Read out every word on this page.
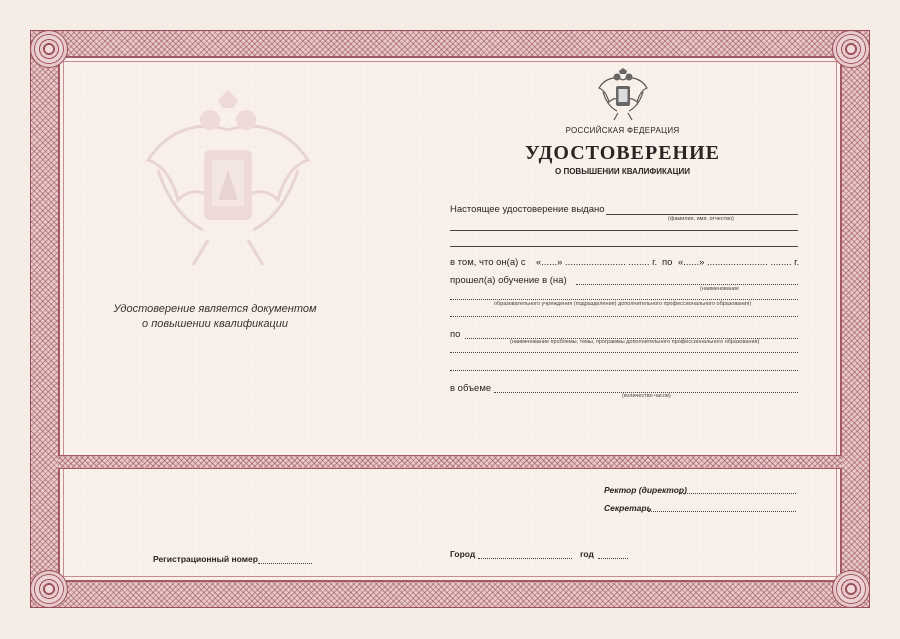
Удостоверение является документом
о повышении квалификации
РОССИЙСКАЯ ФЕДЕРАЦИЯ
УДОСТОВЕРЕНИЕ
О ПОВЫШЕНИИ КВАЛИФИКАЦИИ
Настоящее удостоверение выдано
(фамилия, имя, отчество)
в том, что он(а) с «......» ....................... ........ г. по «......» ....................... ........ г.
прошел(а) обучение в (на)
(наименование
образовательного учреждения (подразделения) дополнительного профессионального образования)
по
(наименование проблемы, темы, программы дополнительного профессионального образования)
в объеме
(количество часов)
Ректор (директор)
Секретарь
Регистрационный номер	Город	год
